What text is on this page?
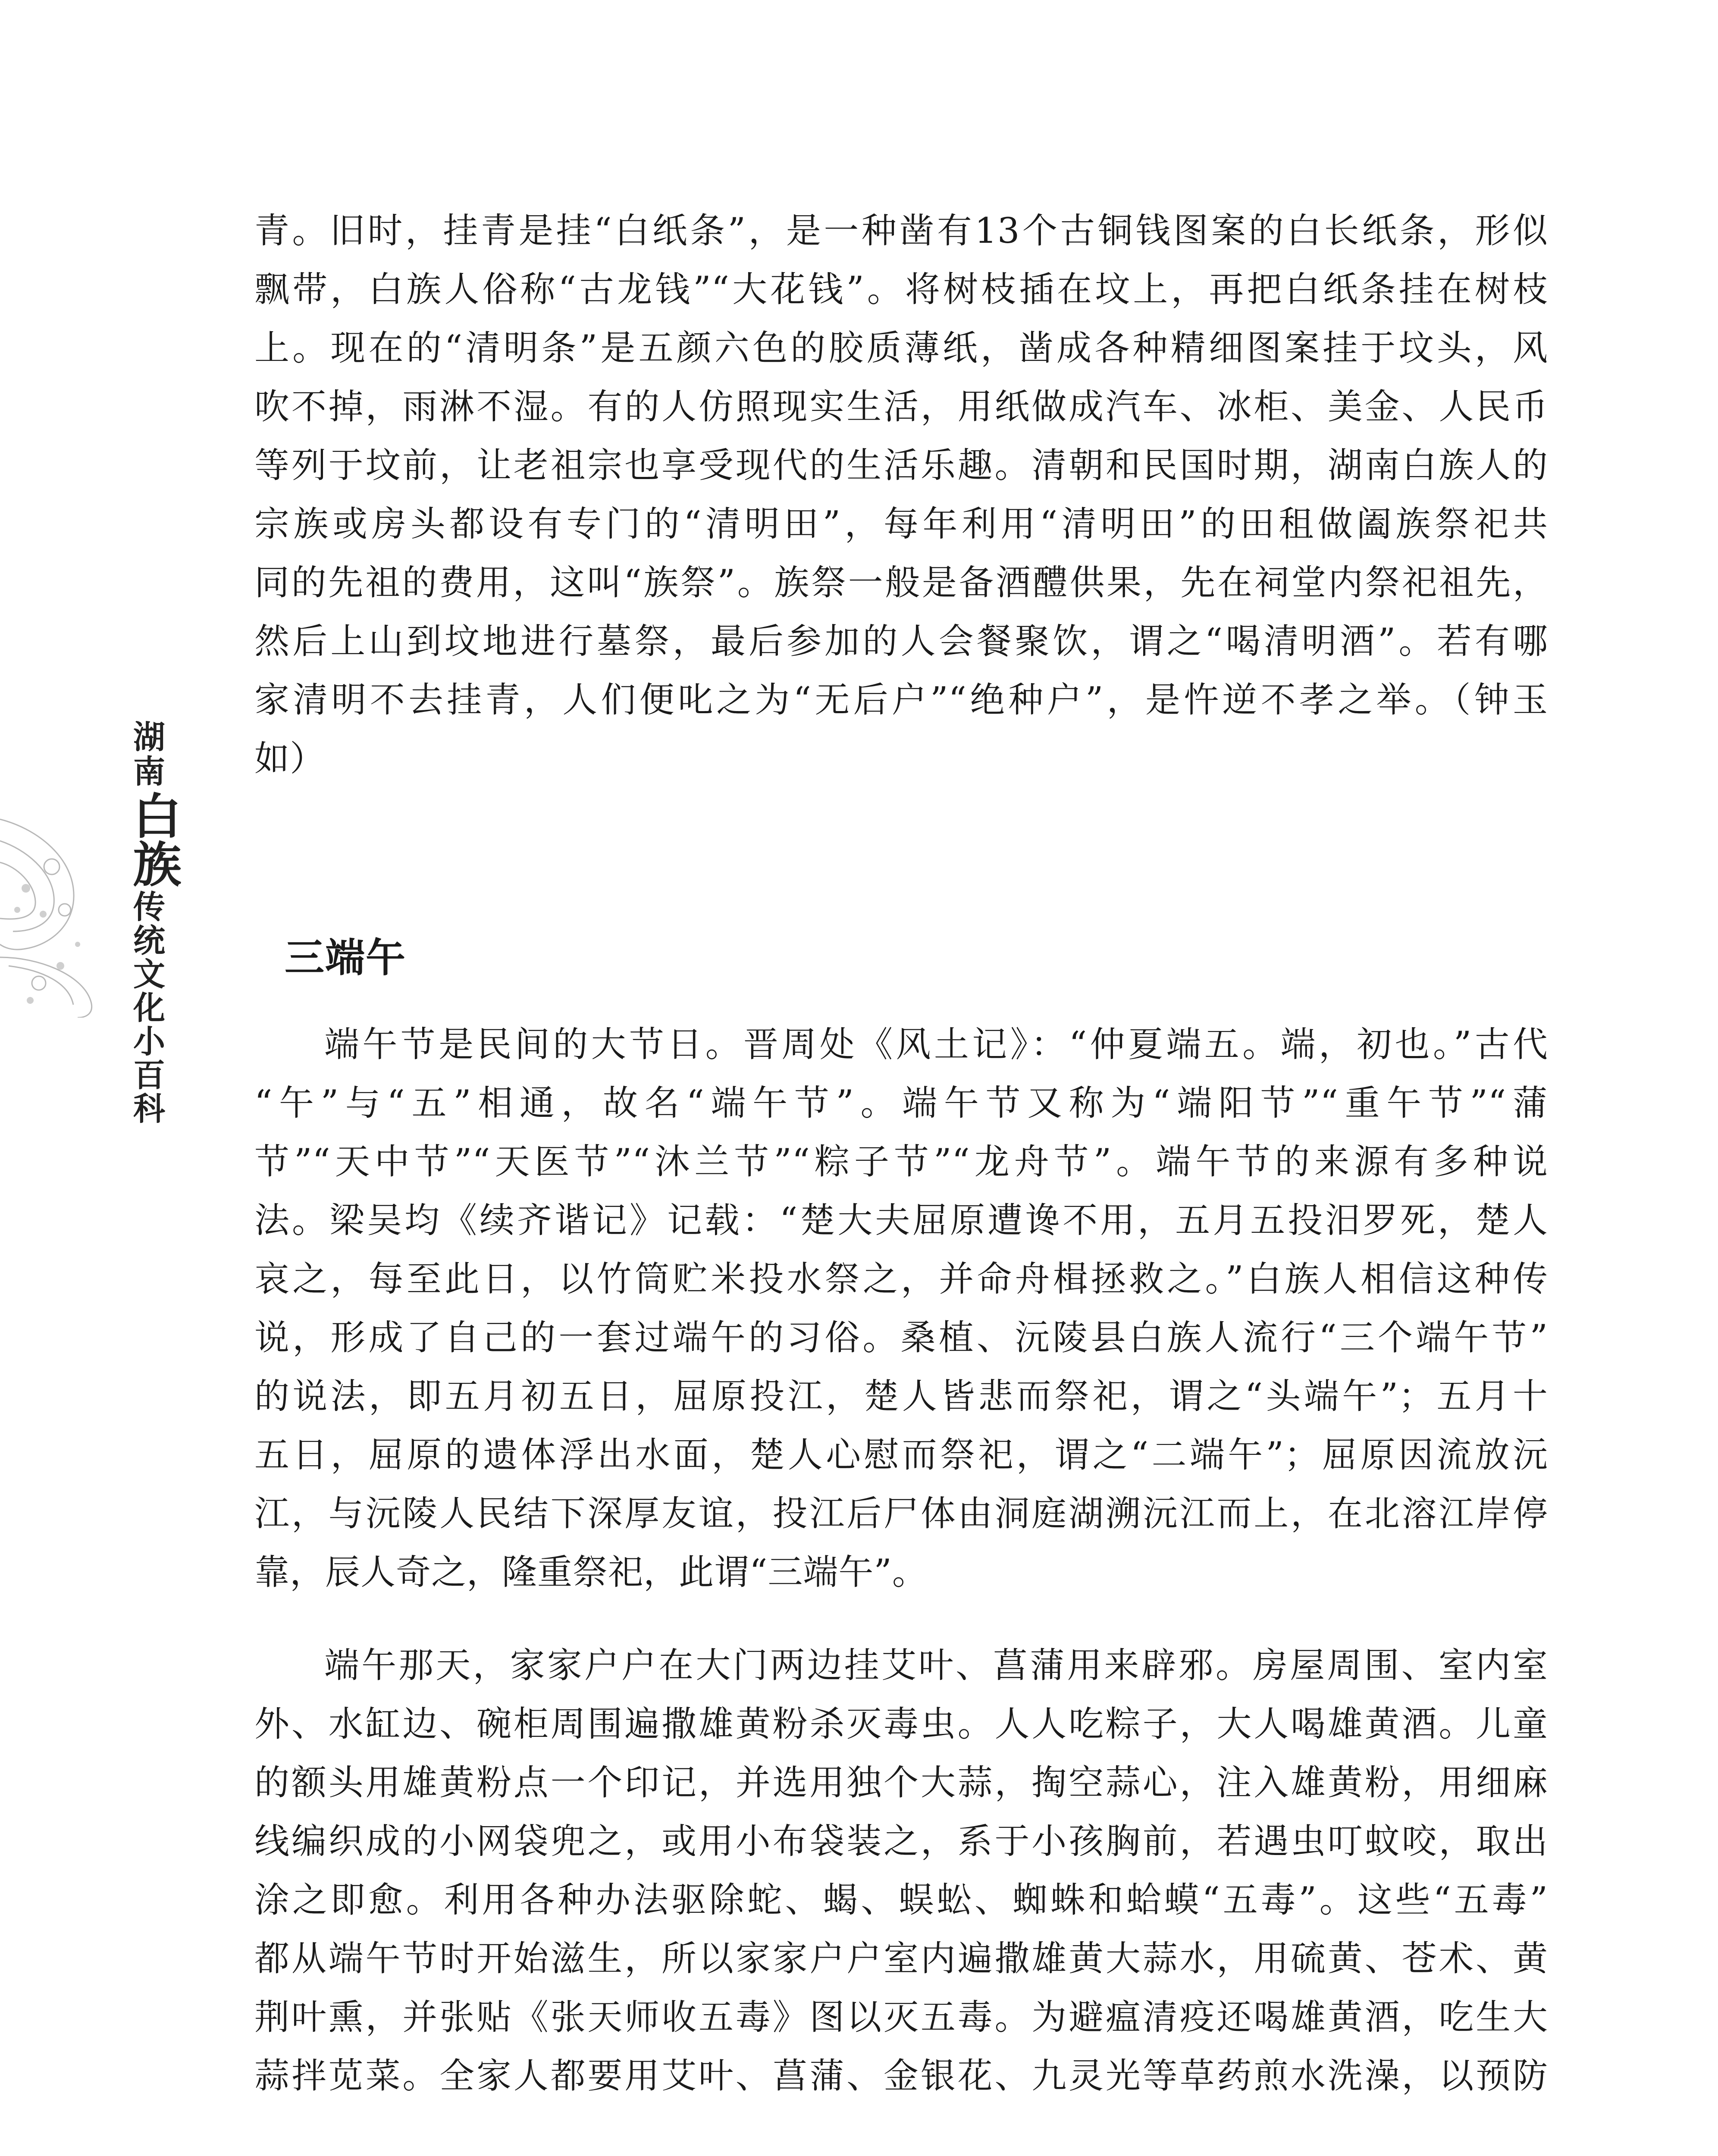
湖南
白族
传统文化小百科
青。旧时，挂青是挂“白纸条”，是一种凿有13个古铜钱图案的白长纸条，形似
飘带，白族人俗称“古龙钱”“大花钱”。将树枝插在坟上，再把白纸条挂在树枝
上。现在的“清明条”是五颜六色的胶质薄纸，凿成各种精细图案挂于坟头，风
吹不掉，雨淋不湿。有的人仿照现实生活，用纸做成汽车、冰柜、美金、人民币
等列于坟前，让老祖宗也享受现代的生活乐趣。清朝和民国时期，湖南白族人的
宗族或房头都设有专门的“清明田”，每年利用“清明田”的田租做阖族祭祀共
同的先祖的费用，这叫“族祭”。族祭一般是备酒醴供果，先在祠堂内祭祀祖先，
然后上山到坟地进行墓祭，最后参加的人会餐聚饮，谓之“喝清明酒”。若有哪
家清明不去挂青，人们便叱之为“无后户”“绝种户”，是忤逆不孝之举。（钟玉
如）
三端午
端午节是民间的大节日。晋周处《风土记》：“仲夏端五。端，初也。”古代
“午”与“五”相通，故名“端午节”。端午节又称为“端阳节”“重午节”“蒲
节”“天中节”“天医节”“沐兰节”“粽子节”“龙舟节”。端午节的来源有多种说
法。梁吴均《续齐谐记》记载：“楚大夫屈原遭谗不用，五月五投汨罗死，楚人
哀之，每至此日，以竹筒贮米投水祭之，并命舟楫拯救之。”白族人相信这种传
说，形成了自己的一套过端午的习俗。桑植、沅陵县白族人流行“三个端午节”
的说法，即五月初五日，屈原投江，楚人皆悲而祭祀，谓之“头端午”；五月十
五日，屈原的遗体浮出水面，楚人心慰而祭祀，谓之“二端午”；屈原因流放沅
江，与沅陵人民结下深厚友谊，投江后尸体由洞庭湖溯沅江而上，在北溶江岸停
靠，辰人奇之，隆重祭祀，此谓“三端午”。
端午那天，家家户户在大门两边挂艾叶、菖蒲用来辟邪。房屋周围、室内室
外、水缸边、碗柜周围遍撒雄黄粉杀灭毒虫。人人吃粽子，大人喝雄黄酒。儿童
的额头用雄黄粉点一个印记，并选用独个大蒜，掏空蒜心，注入雄黄粉，用细麻
线编织成的小网袋兜之，或用小布袋装之，系于小孩胸前，若遇虫叮蚊咬，取出
涂之即愈。利用各种办法驱除蛇、蝎、蜈蚣、蜘蛛和蛤蟆“五毒”。这些“五毒”
都从端午节时开始滋生，所以家家户户室内遍撒雄黄大蒜水，用硫黄、苍术、黄
荆叶熏，并张贴《张天师收五毒》图以灭五毒。为避瘟清疫还喝雄黄酒，吃生大
蒜拌苋菜。全家人都要用艾叶、菖蒲、金银花、九灵光等草药煎水洗澡，以预防
